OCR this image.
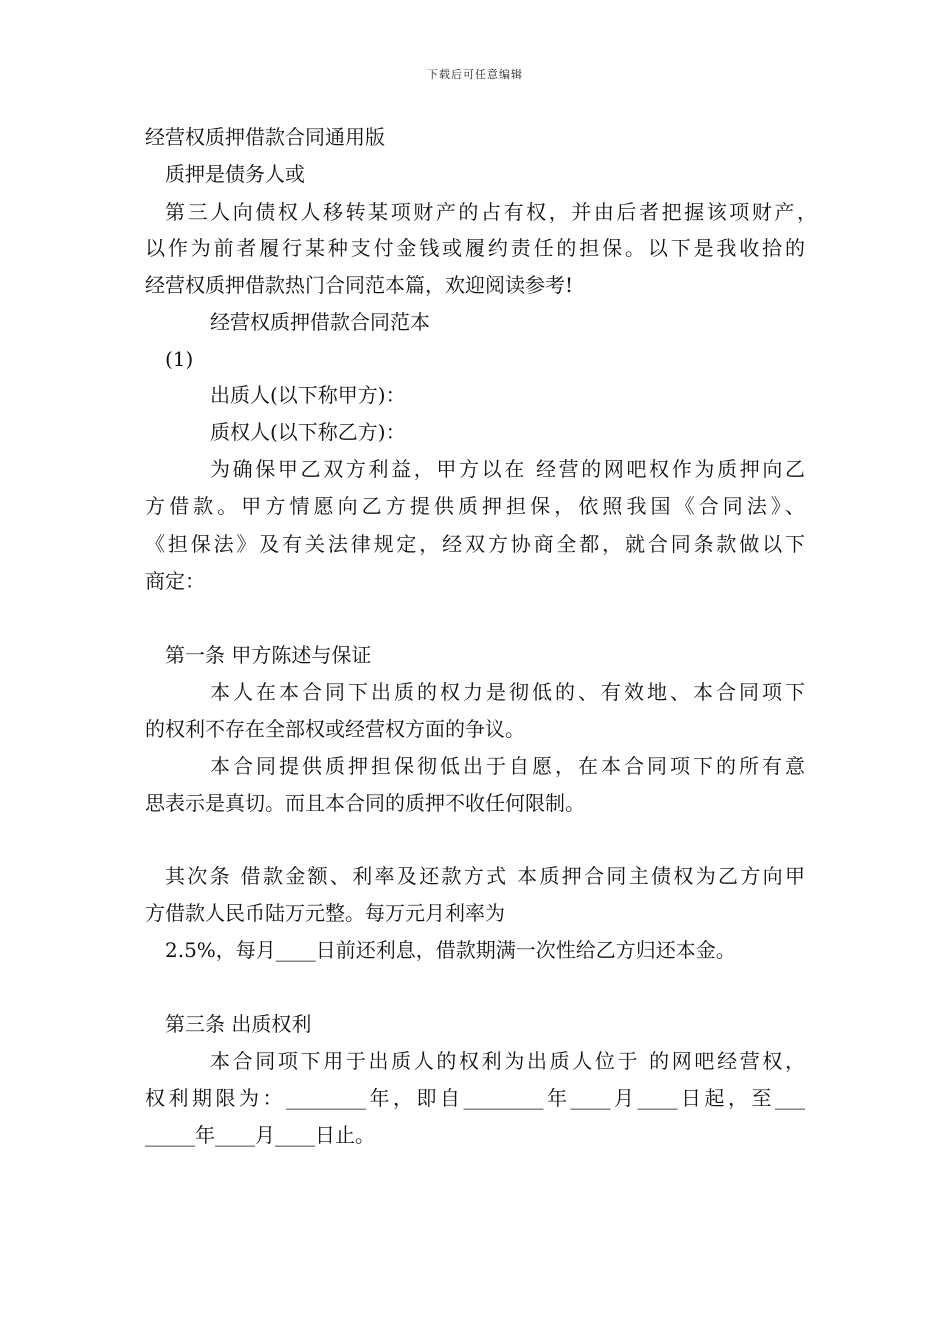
下载后可任意编辑
经营权质押借款合同通用版
质押是债务人或
第三人向债权人移转某项财产的占有权，并由后者把握该项财产，
以作为前者履行某种支付金钱或履约责任的担保。以下是我收拾的
经营权质押借款热门合同范本篇，欢迎阅读参考!
经营权质押借款合同范本
(1)
出质人(以下称甲方)：
质权人(以下称乙方)：
为确保甲乙双方利益，甲方以在 经营的网吧权作为质押向乙
方借款。甲方情愿向乙方提供质押担保，依照我国《合同法》、
《担保法》及有关法律规定，经双方协商全都，就合同条款做以下
商定：
第一条 甲方陈述与保证
本人在本合同下出质的权力是彻低的、有效地、本合同项下
的权利不存在全部权或经营权方面的争议。
本合同提供质押担保彻低出于自愿，在本合同项下的所有意
思表示是真切。而且本合同的质押不收任何限制。
其次条 借款金额、利率及还款方式 本质押合同主债权为乙方向甲
方借款人民币陆万元整。每万元月利率为
2.5%，每月____日前还利息，借款期满一次性给乙方归还本金。
第三条 出质权利
本合同项下用于出质人的权利为出质人位于 的网吧经营权，
权利期限为：________年，即自________年____月____日起，至___
_____年____月____日止。
